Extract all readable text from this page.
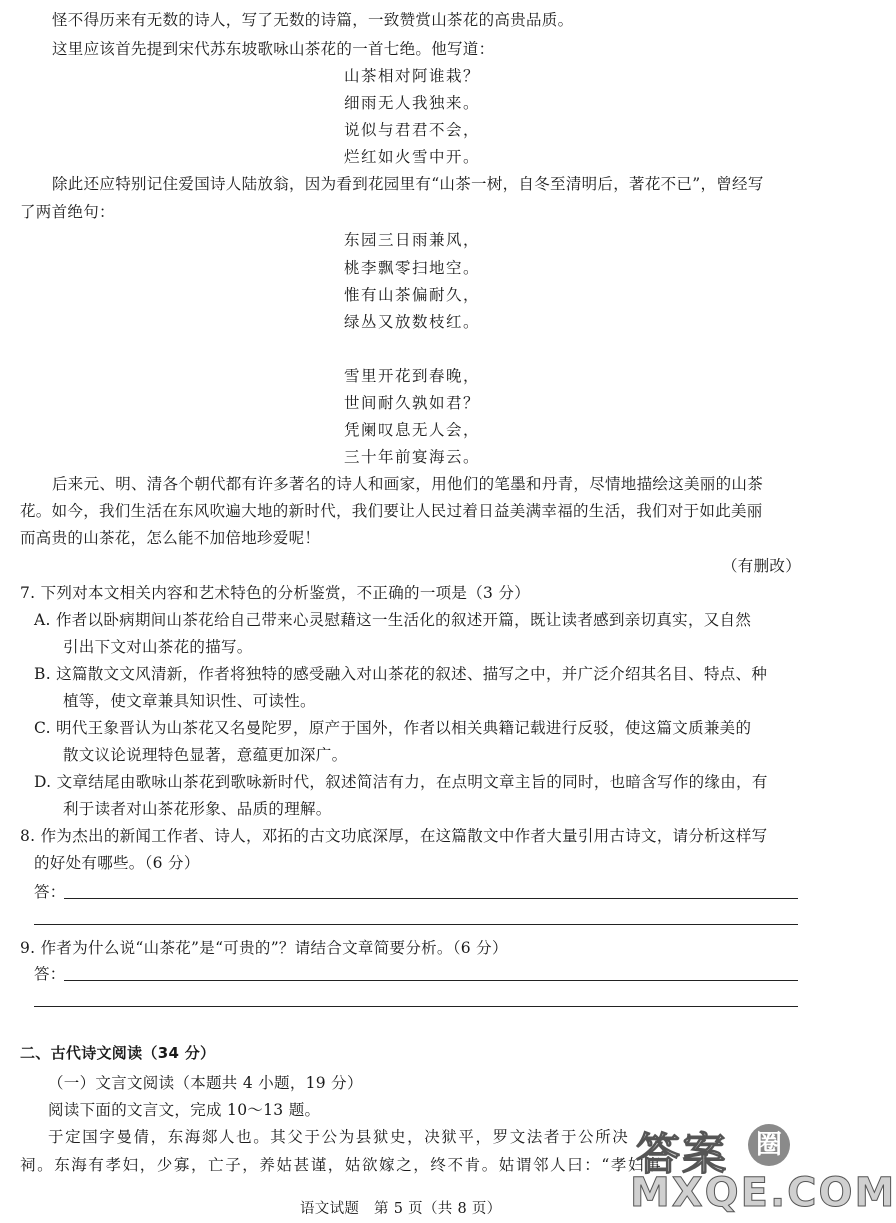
怪不得历来有无数的诗人，写了无数的诗篇，一致赞赏山茶花的高贵品质。
这里应该首先提到宋代苏东坡歌咏山茶花的一首七绝。他写道：
山茶相对阿谁栽？
细雨无人我独来。
说似与君君不会，
烂红如火雪中开。
除此还应特别记住爱国诗人陆放翁，因为看到花园里有“山茶一树，自冬至清明后，著花不已”，曾经写
了两首绝句：
东园三日雨兼风，
桃李飘零扫地空。
惟有山茶偏耐久，
绿丛又放数枝红。
雪里开花到春晚，
世间耐久孰如君？
凭阑叹息无人会，
三十年前宴海云。
后来元、明、清各个朝代都有许多著名的诗人和画家，用他们的笔墨和丹青，尽情地描绘这美丽的山茶
花。如今，我们生活在东风吹遍大地的新时代，我们要让人民过着日益美满幸福的生活，我们对于如此美丽
而高贵的山茶花，怎么能不加倍地珍爱呢！
（有删改）
7. 下列对本文相关内容和艺术特色的分析鉴赏，不正确的一项是（3 分）
A. 作者以卧病期间山茶花给自己带来心灵慰藉这一生活化的叙述开篇，既让读者感到亲切真实，又自然
引出下文对山茶花的描写。
B. 这篇散文文风清新，作者将独特的感受融入对山茶花的叙述、描写之中，并广泛介绍其名目、特点、种
植等，使文章兼具知识性、可读性。
C. 明代王象晋认为山茶花又名曼陀罗，原产于国外，作者以相关典籍记载进行反驳，使这篇文质兼美的
散文议论说理特色显著，意蕴更加深广。
D. 文章结尾由歌咏山茶花到歌咏新时代，叙述简洁有力，在点明文章主旨的同时，也暗含写作的缘由，有
利于读者对山茶花形象、品质的理解。
8. 作为杰出的新闻工作者、诗人，邓拓的古文功底深厚，在这篇散文中作者大量引用古诗文，请分析这样写
的好处有哪些。（6 分）
答：
9. 作者为什么说“山茶花”是“可贵的”？请结合文章简要分析。（6 分）
答：
二、古代诗文阅读（34 分）
（一）文言文阅读（本题共 4 小题，19 分）
阅读下面的文言文，完成 10～13 题。
于定国字曼倩，东海郯人也。其父于公为县狱史，决狱平，罗文法者于公所决
祠。东海有孝妇，少寡，亡子，养姑甚谨，姑欲嫁之，终不肯。姑谓邻人曰：“孝妇事
语文试题　第 5 页（共 8 页）
答案	圈
MXQE.COM
